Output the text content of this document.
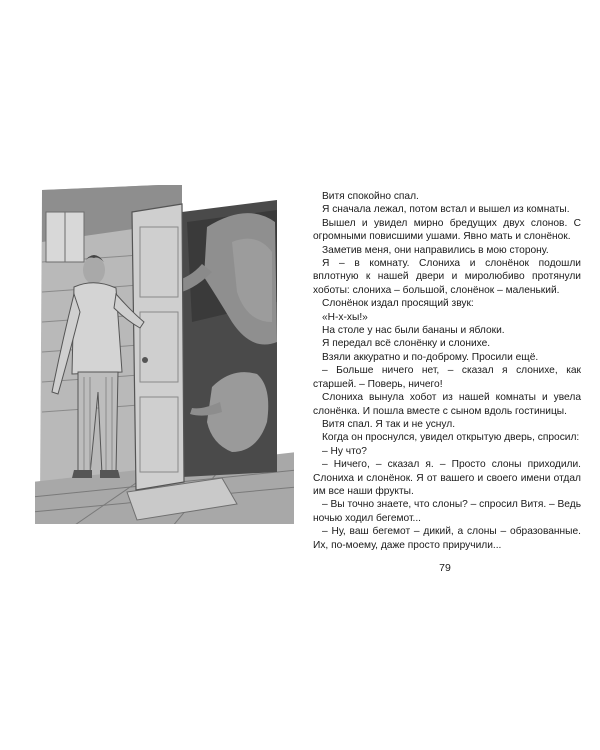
Витя спокойно спал.

Я сначала лежал, потом встал и вышел из комнаты.

Вышел и увидел мирно бредущих двух слонов. С огромными повисшими ушами. Явно мать и слонёнок.

Заметив меня, они направились в мою сторону.

Я – в комнату. Слониха и слонёнок подошли вплотную к нашей двери и миролюбиво протянули хоботы: слониха – большой, слонёнок – маленький.

Слонёнок издал просящий звук:

«Н-х-хы!»

На столе у нас были бананы и яблоки.

Я передал всё слонёнку и слонихе.

Взяли аккуратно и по-доброму. Просили ещё.

– Больше ничего нет, – сказал я слонихе, как старшей. – Поверь, ничего!

Слониха вынула хобот из нашей комнаты и увела слонёнка. И пошла вместе с сыном вдоль гостиницы.

Витя спал. Я так и не уснул.

Когда он проснулся, увидел открытую дверь, спросил:

– Ну что?

– Ничего, – сказал я. – Просто слоны приходили. Слониха и слонёнок. Я от вашего и своего имени отдал им все наши фрукты.

– Вы точно знаете, что слоны? – спросил Витя. – Ведь ночью ходил бегемот...

– Ну, ваш бегемот – дикий, а слоны – образованные. Их, по-моему, даже просто приручили...

79
